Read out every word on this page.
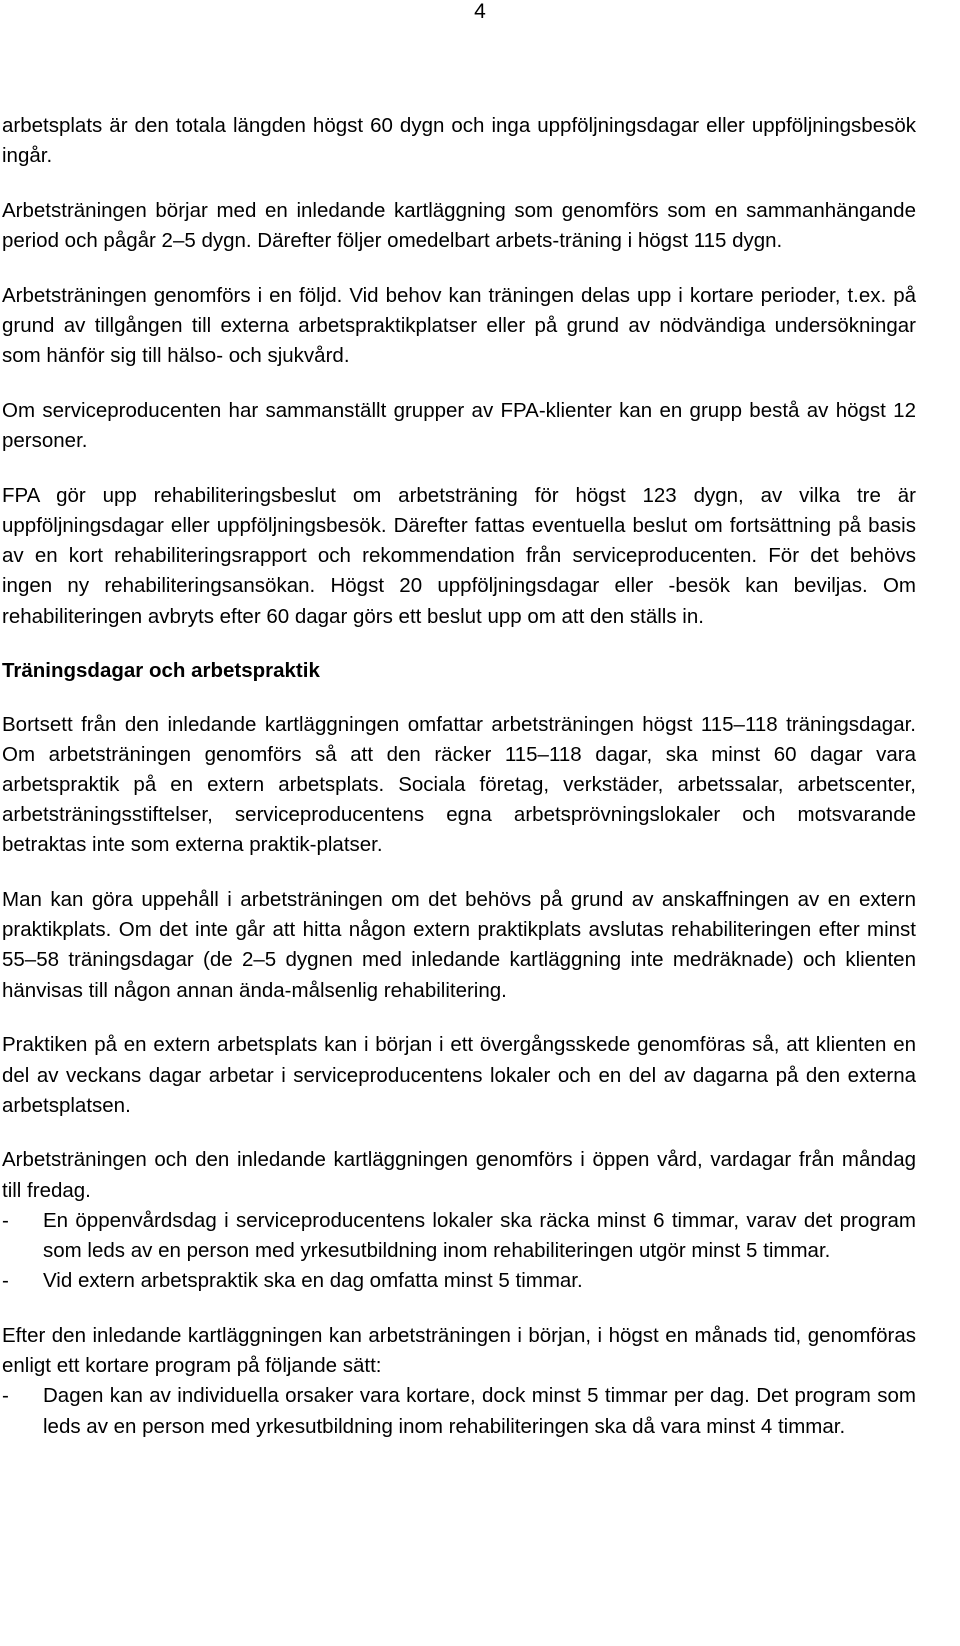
4

arbetsplats är den totala längden högst 60 dygn och inga uppföljningsdagar eller uppföljningsbesök ingår.

Arbetsträningen börjar med en inledande kartläggning som genomförs som en sammanhängande period och pågår 2–5 dygn. Därefter följer omedelbart arbets-träning i högst 115 dygn.

Arbetsträningen genomförs i en följd. Vid behov kan träningen delas upp i kortare perioder, t.ex. på grund av tillgången till externa arbetspraktikplatser eller på grund av nödvändiga undersökningar som hänför sig till hälso- och sjukvård.

Om serviceproducenten har sammanställt grupper av FPA-klienter kan en grupp bestå av högst 12 personer.

FPA gör upp rehabiliteringsbeslut om arbetsträning för högst 123 dygn, av vilka tre är uppföljningsdagar eller uppföljningsbesök. Därefter fattas eventuella beslut om fortsättning på basis av en kort rehabiliteringsrapport och rekommendation från serviceproducenten. För det behövs ingen ny rehabiliteringsansökan. Högst 20 uppföljningsdagar eller -besök kan beviljas. Om rehabiliteringen avbryts efter 60 dagar görs ett beslut upp om att den ställs in.

Träningsdagar och arbetspraktik

Bortsett från den inledande kartläggningen omfattar arbetsträningen högst 115–118 träningsdagar. Om arbetsträningen genomförs så att den räcker 115–118 dagar, ska minst 60 dagar vara arbetspraktik på en extern arbetsplats. Sociala företag, verkstäder, arbetssalar, arbetscenter, arbetsträningsstiftelser, serviceproducentens egna arbetsprövningslokaler och motsvarande betraktas inte som externa praktik-platser.

Man kan göra uppehåll i arbetsträningen om det behövs på grund av anskaffningen av en extern praktikplats. Om det inte går att hitta någon extern praktikplats avslutas rehabiliteringen efter minst 55–58 träningsdagar (de 2–5 dygnen med inledande kartläggning inte medräknade) och klienten hänvisas till någon annan ända-målsenlig rehabilitering.

Praktiken på en extern arbetsplats kan i början i ett övergångsskede genomföras så, att klienten en del av veckans dagar arbetar i serviceproducentens lokaler och en del av dagarna på den externa arbetsplatsen.

Arbetsträningen och den inledande kartläggningen genomförs i öppen vård, vardagar från måndag till fredag.

-	En öppenvårdsdag i serviceproducentens lokaler ska räcka minst 6 timmar, varav det program som leds av en person med yrkesutbildning inom rehabiliteringen utgör minst 5 timmar.
-	Vid extern arbetspraktik ska en dag omfatta minst 5 timmar.

Efter den inledande kartläggningen kan arbetsträningen i början, i högst en månads tid, genomföras enligt ett kortare program på följande sätt:

-	Dagen kan av individuella orsaker vara kortare, dock minst 5 timmar per dag. Det program som leds av en person med yrkesutbildning inom rehabiliteringen ska då vara minst 4 timmar.
